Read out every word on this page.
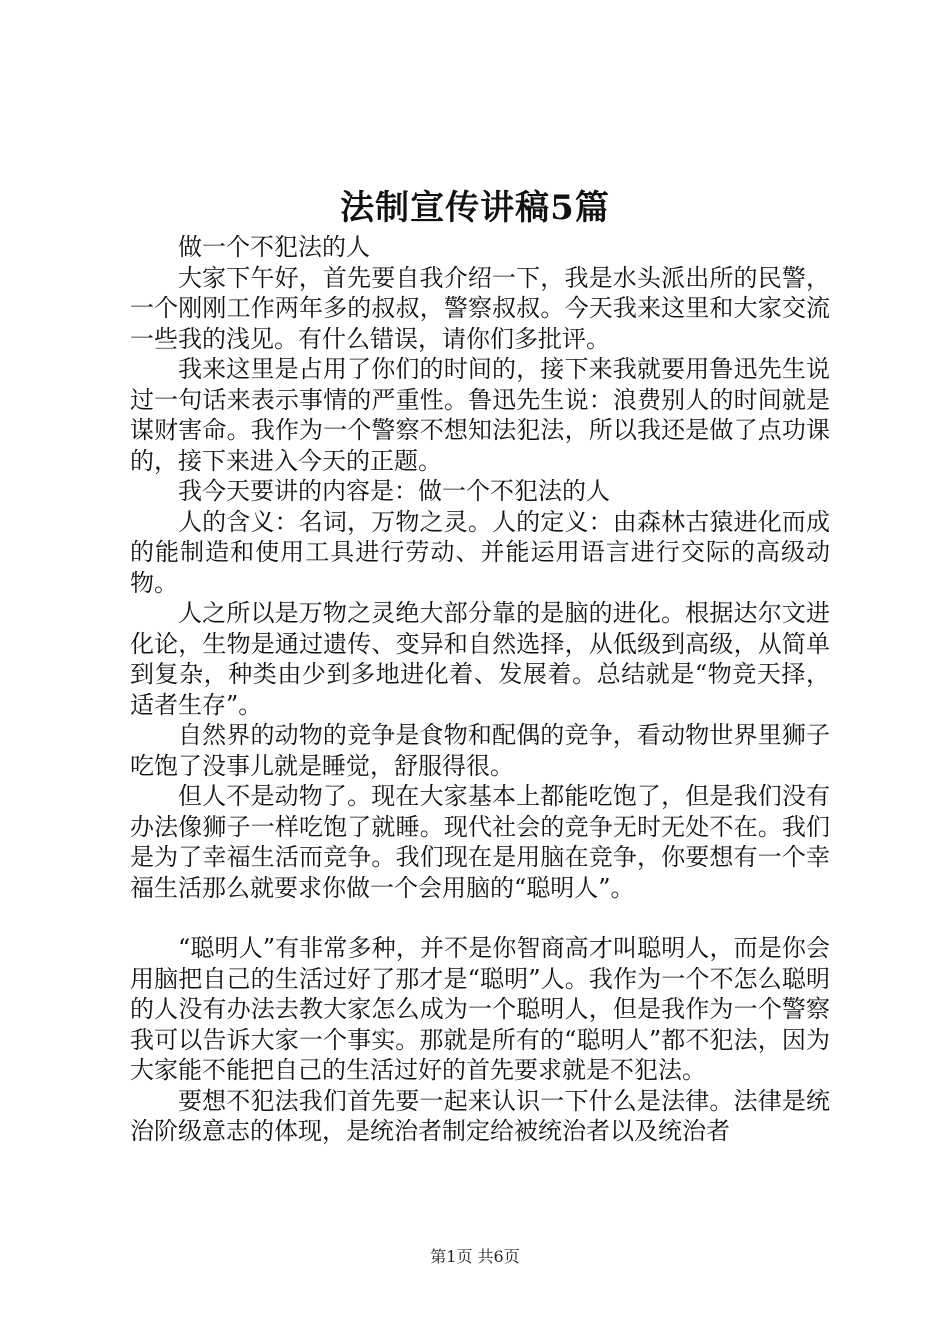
法制宣传讲稿5篇

做一个不犯法的人

大家下午好，首先要自我介绍一下，我是水头派出所的民警，一个刚刚工作两年多的叔叔，警察叔叔。今天我来这里和大家交流一些我的浅见。有什么错误，请你们多批评。

我来这里是占用了你们的时间的，接下来我就要用鲁迅先生说过一句话来表示事情的严重性。鲁迅先生说：浪费别人的时间就是谋财害命。我作为一个警察不想知法犯法，所以我还是做了点功课的，接下来进入今天的正题。

我今天要讲的内容是：做一个不犯法的人

人的含义：名词，万物之灵。人的定义：由森林古猿进化而成的能制造和使用工具进行劳动、并能运用语言进行交际的高级动物。

人之所以是万物之灵绝大部分靠的是脑的进化。根据达尔文进化论，生物是通过遗传、变异和自然选择，从低级到高级，从简单到复杂，种类由少到多地进化着、发展着。总结就是“物竞天择，适者生存”。

自然界的动物的竞争是食物和配偶的竞争，看动物世界里狮子吃饱了没事儿就是睡觉，舒服得很。

但人不是动物了。现在大家基本上都能吃饱了，但是我们没有办法像狮子一样吃饱了就睡。现代社会的竞争无时无处不在。我们是为了幸福生活而竞争。我们现在是用脑在竞争，你要想有一个幸福生活那么就要求你做一个会用脑的“聪明人”。

“聪明人”有非常多种，并不是你智商高才叫聪明人，而是你会用脑把自己的生活过好了那才是“聪明”人。我作为一个不怎么聪明的人没有办法去教大家怎么成为一个聪明人，但是我作为一个警察我可以告诉大家一个事实。那就是所有的“聪明人”都不犯法，因为大家能不能把自己的生活过好的首先要求就是不犯法。

要想不犯法我们首先要一起来认识一下什么是法律。法律是统治阶级意志的体现，是统治者制定给被统治者以及统治者

第1页 共6页
